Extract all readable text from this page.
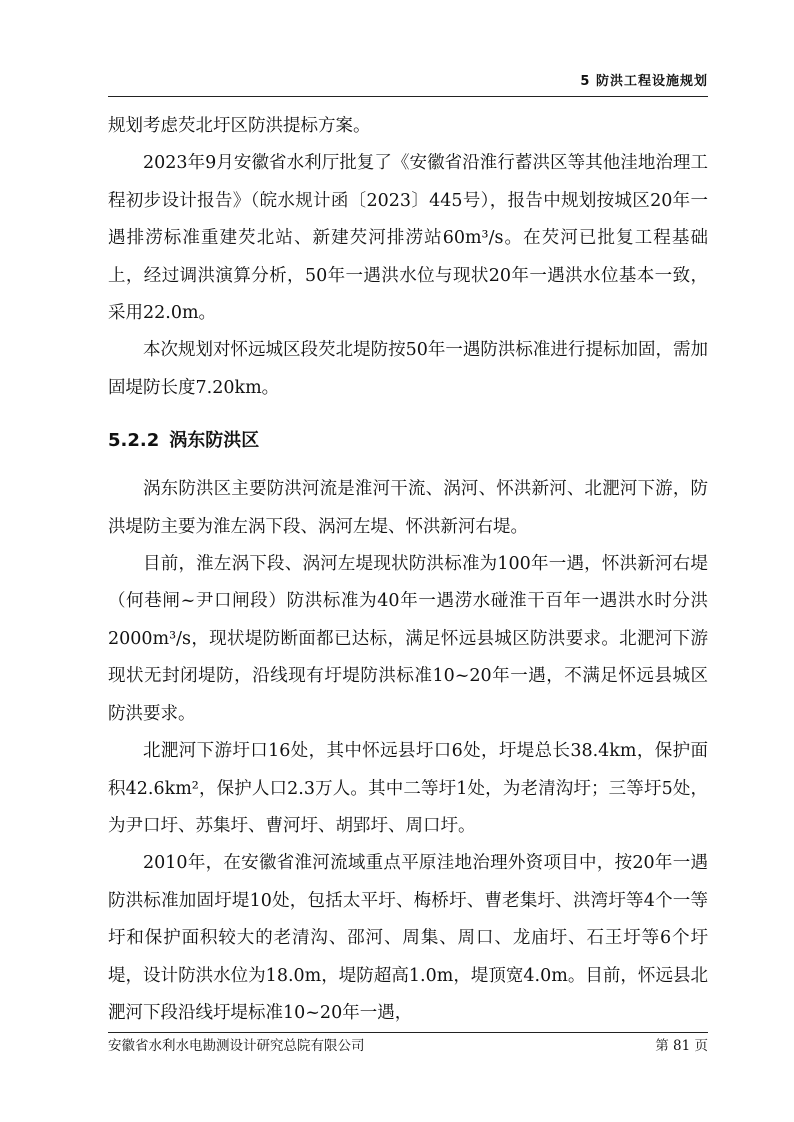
5 防洪工程设施规划

规划考虑芡北圩区防洪提标方案。

2023年9月安徽省水利厅批复了《安徽省沿淮行蓄洪区等其他洼地治理工程初步设计报告》（皖水规计函〔2023〕445号），报告中规划按城区20年一遇排涝标准重建芡北站、新建芡河排涝站60m³/s。在芡河已批复工程基础上，经过调洪演算分析，50年一遇洪水位与现状20年一遇洪水位基本一致，采用22.0m。

本次规划对怀远城区段芡北堤防按50年一遇防洪标准进行提标加固，需加固堤防长度7.20km。

5.2.2 涡东防洪区

涡东防洪区主要防洪河流是淮河干流、涡河、怀洪新河、北淝河下游，防洪堤防主要为淮左涡下段、涡河左堤、怀洪新河右堤。

目前，淮左涡下段、涡河左堤现状防洪标准为100年一遇，怀洪新河右堤（何巷闸~尹口闸段）防洪标准为40年一遇涝水碰淮干百年一遇洪水时分洪2000m³/s，现状堤防断面都已达标，满足怀远县城区防洪要求。北淝河下游现状无封闭堤防，沿线现有圩堤防洪标准10~20年一遇，不满足怀远县城区防洪要求。

北淝河下游圩口16处，其中怀远县圩口6处，圩堤总长38.4km，保护面积42.6km²，保护人口2.3万人。其中二等圩1处，为老清沟圩；三等圩5处，为尹口圩、苏集圩、曹河圩、胡郢圩、周口圩。

2010年，在安徽省淮河流域重点平原洼地治理外资项目中，按20年一遇防洪标准加固圩堤10处，包括太平圩、梅桥圩、曹老集圩、洪湾圩等4个一等圩和保护面积较大的老清沟、邵河、周集、周口、龙庙圩、石王圩等6个圩堤，设计防洪水位为18.0m，堤防超高1.0m，堤顶宽4.0m。目前，怀远县北淝河下段沿线圩堤标准10~20年一遇，

安徽省水利水电勘测设计研究总院有限公司	第 81 页
